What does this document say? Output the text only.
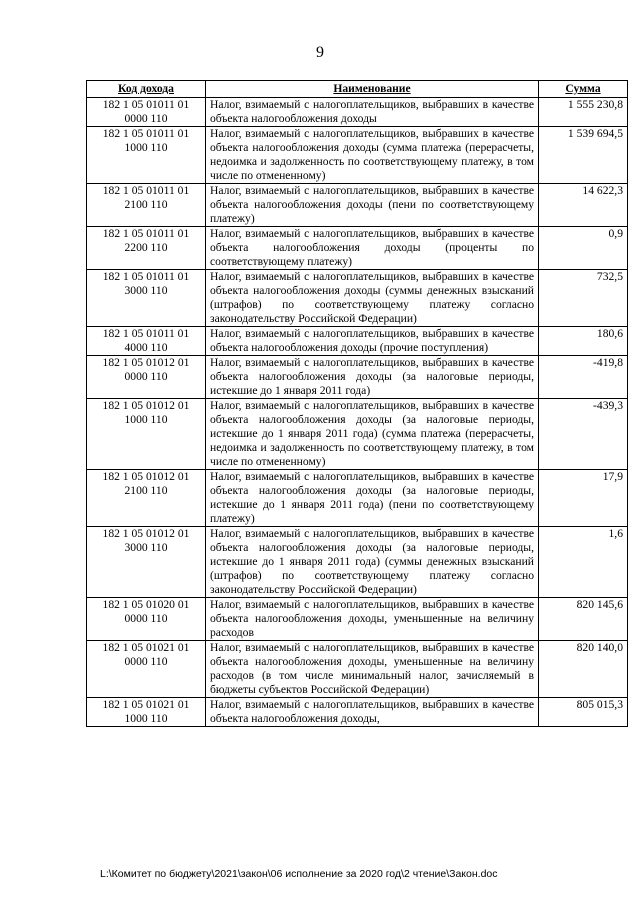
9
Код дохода	Наименование	Сумма
182 1 05 01011 01 0000 110	Налог, взимаемый с налогоплательщиков, выбравших в качестве объекта налогообложения доходы	1 555 230,8
182 1 05 01011 01 1000 110	Налог, взимаемый с налогоплательщиков, выбравших в качестве объекта налогообложения доходы (сумма платежа (перерасчеты, недоимка и задолженность по соответствующему платежу, в том числе по отмененному)	1 539 694,5
182 1 05 01011 01 2100 110	Налог, взимаемый с налогоплательщиков, выбравших в качестве объекта налогообложения доходы (пени по соответствующему платежу)	14 622,3
182 1 05 01011 01 2200 110	Налог, взимаемый с налогоплательщиков, выбравших в качестве объекта налогообложения доходы (проценты по соответствующему платежу)	0,9
182 1 05 01011 01 3000 110	Налог, взимаемый с налогоплательщиков, выбравших в качестве объекта налогообложения доходы (суммы денежных взысканий (штрафов) по соответствующему платежу согласно законодательству Российской Федерации)	732,5
182 1 05 01011 01 4000 110	Налог, взимаемый с налогоплательщиков, выбравших в качестве объекта налогообложения доходы (прочие поступления)	180,6
182 1 05 01012 01 0000 110	Налог, взимаемый с налогоплательщиков, выбравших в качестве объекта налогообложения доходы (за налоговые периоды, истекшие до 1 января 2011 года)	-419,8
182 1 05 01012 01 1000 110	Налог, взимаемый с налогоплательщиков, выбравших в качестве объекта налогообложения доходы (за налоговые периоды, истекшие до 1 января 2011 года) (сумма платежа (перерасчеты, недоимка и задолженность по соответствующему платежу, в том числе по отмененному)	-439,3
182 1 05 01012 01 2100 110	Налог, взимаемый с налогоплательщиков, выбравших в качестве объекта налогообложения доходы (за налоговые периоды, истекшие до 1 января 2011 года) (пени по соответствующему платежу)	17,9
182 1 05 01012 01 3000 110	Налог, взимаемый с налогоплательщиков, выбравших в качестве объекта налогообложения доходы (за налоговые периоды, истекшие до 1 января 2011 года) (суммы денежных взысканий (штрафов) по соответствующему платежу согласно законодательству Российской Федерации)	1,6
182 1 05 01020 01 0000 110	Налог, взимаемый с налогоплательщиков, выбравших в качестве объекта налогообложения доходы, уменьшенные на величину расходов	820 145,6
182 1 05 01021 01 0000 110	Налог, взимаемый с налогоплательщиков, выбравших в качестве объекта налогообложения доходы, уменьшенные на величину расходов (в том числе минимальный налог, зачисляемый в бюджеты субъектов Российской Федерации)	820 140,0
182 1 05 01021 01 1000 110	Налог, взимаемый с налогоплательщиков, выбравших в качестве объекта налогообложения доходы,	805 015,3
L:\Комитет по бюджету\2021\закон\06 исполнение за 2020 год\2 чтение\Закон.doc
